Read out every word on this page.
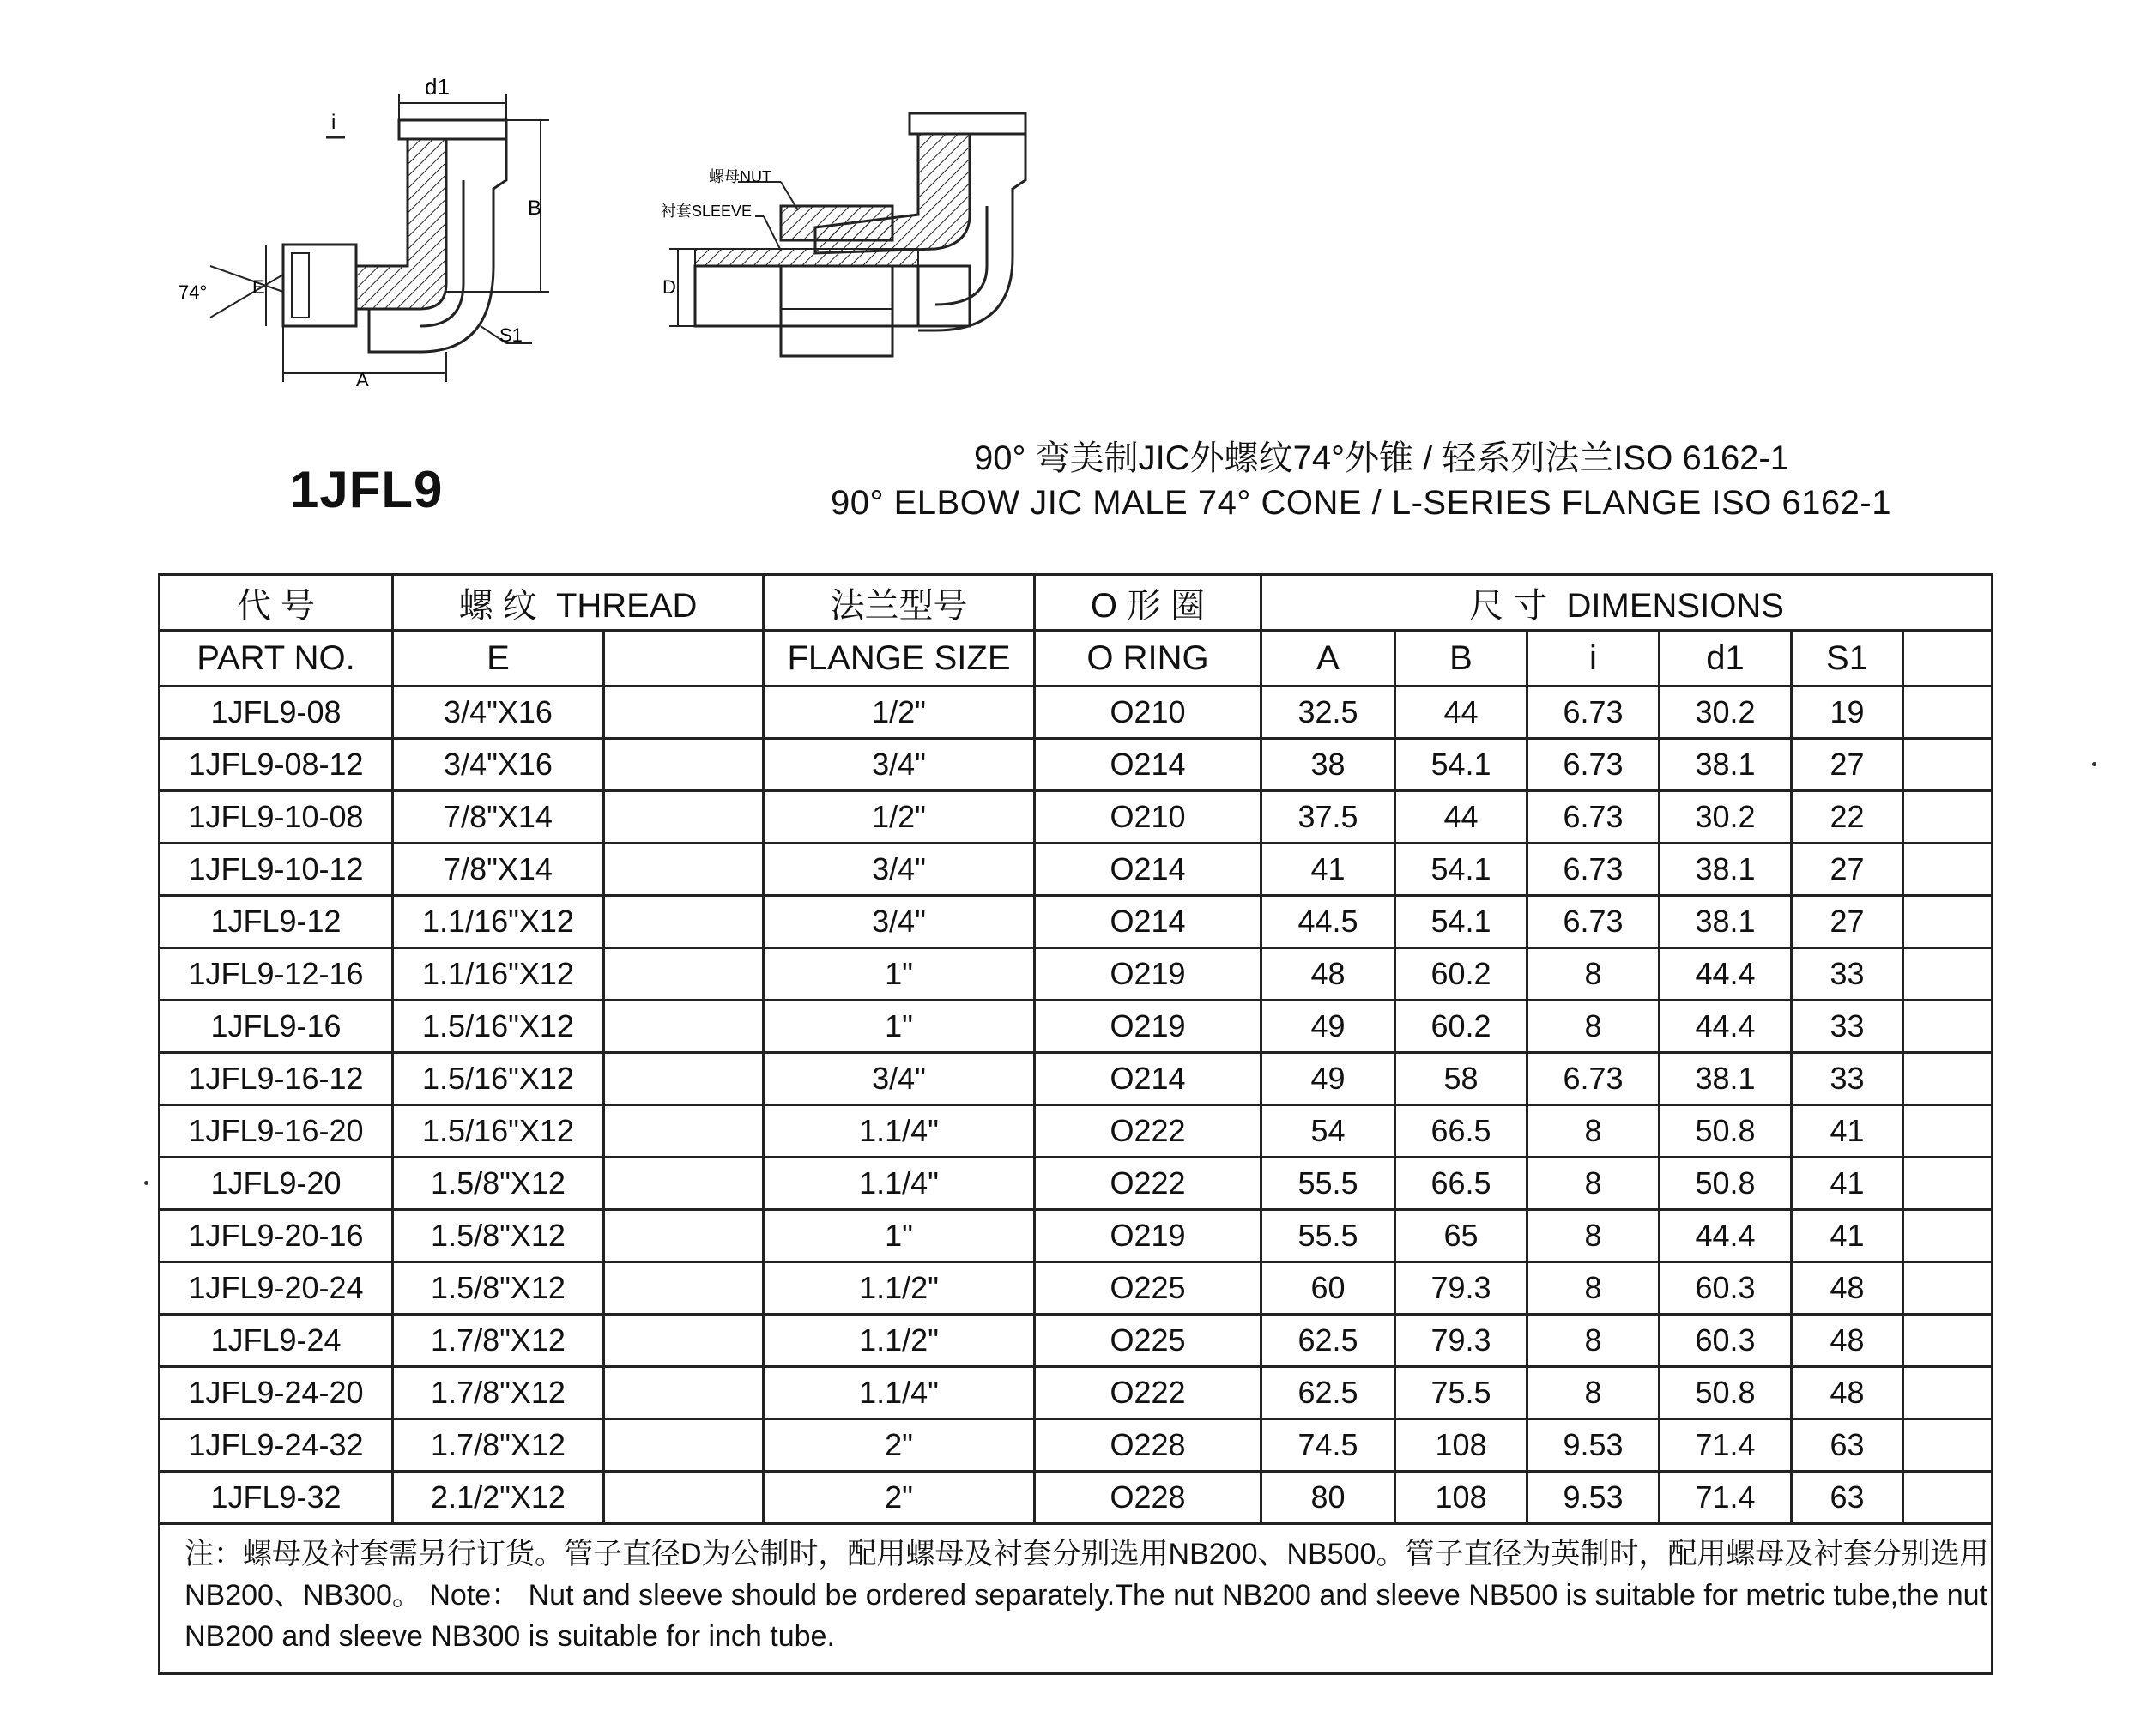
d1
i
B
E
74°
A
S1
螺母NUT
衬套SLEEVE
D
1JFL9
90° 弯美制JIC外螺纹74°外锥 / 轻系列法兰ISO 6162-1
90° ELBOW JIC MALE 74° CONE / L-SERIES FLANGE ISO 6162-1
代 号	螺 纹 THREAD		法兰型号	O 形 圈	尺 寸 DIMENSIONS					
PART NO.	E		FLANGE SIZE	O RING	A	B	i	d1	S1	
1JFL9-08	3/4"X16		1/2"	O210	32.5	44	6.73	30.2	19	
1JFL9-08-12	3/4"X16		3/4"	O214	38	54.1	6.73	38.1	27	
1JFL9-10-08	7/8"X14		1/2"	O210	37.5	44	6.73	30.2	22	
1JFL9-10-12	7/8"X14		3/4"	O214	41	54.1	6.73	38.1	27	
1JFL9-12	1.1/16"X12		3/4"	O214	44.5	54.1	6.73	38.1	27	
1JFL9-12-16	1.1/16"X12		1"	O219	48	60.2	8	44.4	33	
1JFL9-16	1.5/16"X12		1"	O219	49	60.2	8	44.4	33	
1JFL9-16-12	1.5/16"X12		3/4"	O214	49	58	6.73	38.1	33	
1JFL9-16-20	1.5/16"X12		1.1/4"	O222	54	66.5	8	50.8	41	
1JFL9-20	1.5/8"X12		1.1/4"	O222	55.5	66.5	8	50.8	41	
1JFL9-20-16	1.5/8"X12		1"	O219	55.5	65	8	44.4	41	
1JFL9-20-24	1.5/8"X12		1.1/2"	O225	60	79.3	8	60.3	48	
1JFL9-24	1.7/8"X12		1.1/2"	O225	62.5	79.3	8	60.3	48	
1JFL9-24-20	1.7/8"X12		1.1/4"	O222	62.5	75.5	8	50.8	48	
1JFL9-24-32	1.7/8"X12		2"	O228	74.5	108	9.53	71.4	63	
1JFL9-32	2.1/2"X12		2"	O228	80	108	9.53	71.4	63	
注：螺母及衬套需另行订货。管子直径D为公制时，配用螺母及衬套分别选用NB200、NB500。管子直径为英制时，配用螺母及衬套分别选用NB200、NB300。 Note： Nut and sleeve should be ordered separately.The nut NB200 and sleeve NB500 is suitable for metric tube,the nut NB200 and sleeve NB300 is suitable for inch tube.										
